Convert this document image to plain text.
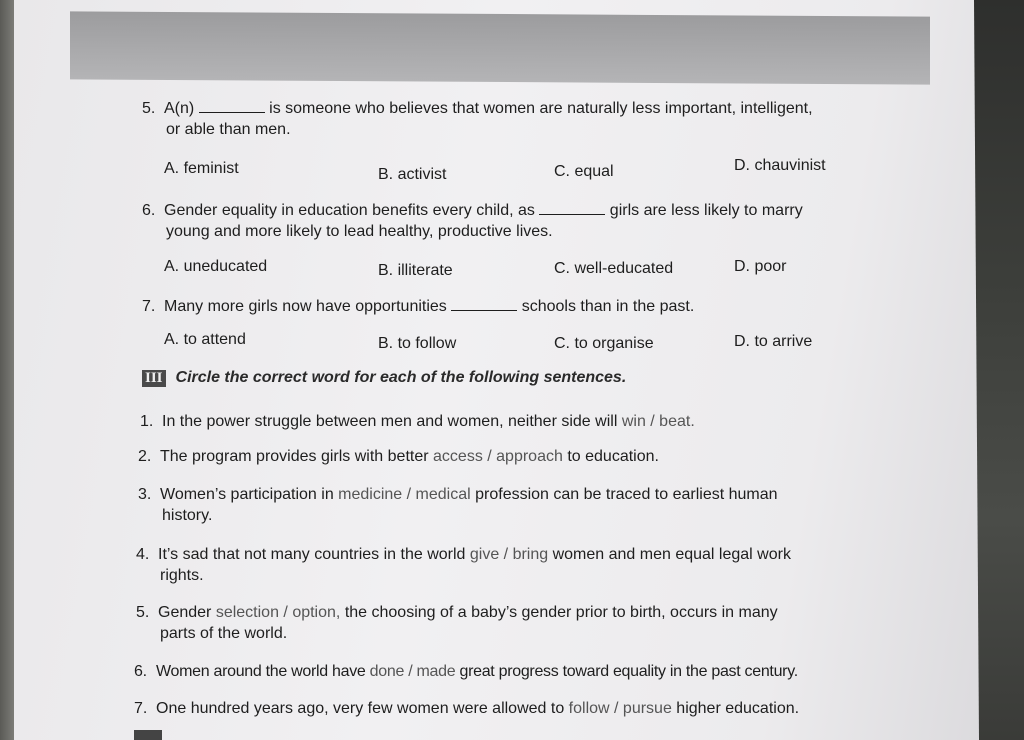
5. A(n)	is someone who believes that women are naturally less important, intelligent,
or able than men.
A. feminist	B. activist	C. equal	D. chauvinist
6. Gender equality in education benefits every child, as	girls are less likely to marry
young and more likely to lead healthy, productive lives.
A. uneducated	B. illiterate	C. well-educated	D. poor
7. Many more girls now have opportunities	schools than in the past.
A. to attend	B. to follow	C. to organise	D. to arrive
III Circle the correct word for each of the following sentences.
1. In the power struggle between men and women, neither side will win / beat.
2. The program provides girls with better access / approach to education.
3. Women’s participation in medicine / medical profession can be traced to earliest human
history.
4. It’s sad that not many countries in the world give / bring women and men equal legal work
rights.
5. Gender selection / option, the choosing of a baby’s gender prior to birth, occurs in many
parts of the world.
6. Women around the world have done / made great progress toward equality in the past century.
7. One hundred years ago, very few women were allowed to follow / pursue higher education.
